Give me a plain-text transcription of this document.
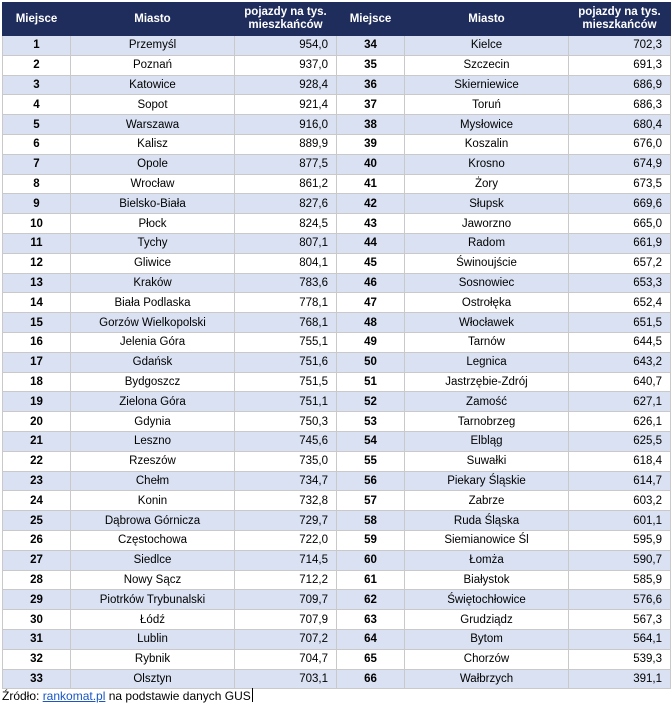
Miejsce	Miasto	pojazdy na tys. mieszkańców	Miejsce	Miasto	pojazdy na tys. mieszkańców
1	Przemyśl	954,0	34	Kielce	702,3
2	Poznań	937,0	35	Szczecin	691,3
3	Katowice	928,4	36	Skierniewice	686,9
4	Sopot	921,4	37	Toruń	686,3
5	Warszawa	916,0	38	Mysłowice	680,4
6	Kalisz	889,9	39	Koszalin	676,0
7	Opole	877,5	40	Krosno	674,9
8	Wrocław	861,2	41	Żory	673,5
9	Bielsko-Biała	827,6	42	Słupsk	669,6
10	Płock	824,5	43	Jaworzno	665,0
11	Tychy	807,1	44	Radom	661,9
12	Gliwice	804,1	45	Świnoujście	657,2
13	Kraków	783,6	46	Sosnowiec	653,3
14	Biała Podlaska	778,1	47	Ostrołęka	652,4
15	Gorzów Wielkopolski	768,1	48	Włocławek	651,5
16	Jelenia Góra	755,1	49	Tarnów	644,5
17	Gdańsk	751,6	50	Legnica	643,2
18	Bydgoszcz	751,5	51	Jastrzębie-Zdrój	640,7
19	Zielona Góra	751,1	52	Zamość	627,1
20	Gdynia	750,3	53	Tarnobrzeg	626,1
21	Leszno	745,6	54	Elbląg	625,5
22	Rzeszów	735,0	55	Suwałki	618,4
23	Chełm	734,7	56	Piekary Śląskie	614,7
24	Konin	732,8	57	Zabrze	603,2
25	Dąbrowa Górnicza	729,7	58	Ruda Śląska	601,1
26	Częstochowa	722,0	59	Siemianowice Śl	595,9
27	Siedlce	714,5	60	Łomża	590,7
28	Nowy Sącz	712,2	61	Białystok	585,9
29	Piotrków Trybunalski	709,7	62	Świętochłowice	576,6
30	Łódź	707,9	63	Grudziądz	567,3
31	Lublin	707,2	64	Bytom	564,1
32	Rybnik	704,7	65	Chorzów	539,3
33	Olsztyn	703,1	66	Wałbrzych	391,1
Źródło: rankomat.pl na podstawie danych GUS
